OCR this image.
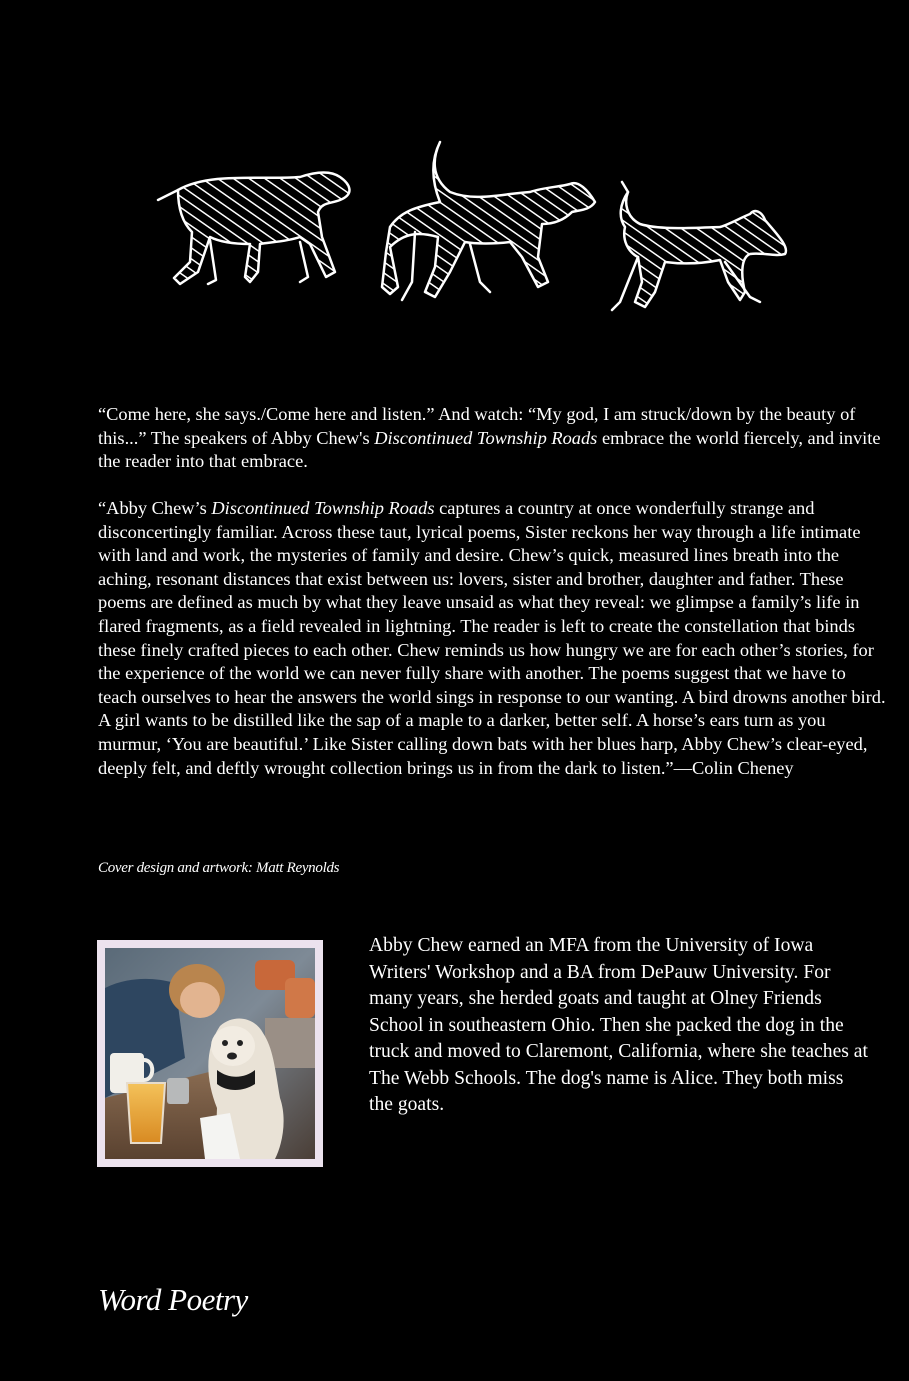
“Come here, she says./Come here and listen.” And watch: “My god, I am struck/down by the beauty of this...” The speakers of Abby Chew's Discontinued Township Roads embrace the world fiercely, and invite the reader into that embrace.

“Abby Chew’s Discontinued Township Roads captures a country at once wonderfully strange and disconcertingly familiar. Across these taut, lyrical poems, Sister reckons her way through a life intimate with land and work, the mysteries of family and desire. Chew’s quick, measured lines breath into the aching, resonant distances that exist between us: lovers, sister and brother, daughter and father. These poems are defined as much by what they leave unsaid as what they reveal: we glimpse a family’s life in flared fragments, as a field revealed in lightning. The reader is left to create the constellation that binds these finely crafted pieces to each other. Chew reminds us how hungry we are for each other’s stories, for the experience of the world we can never fully share with another. The poems suggest that we have to teach ourselves to hear the answers the world sings in response to our wanting. A bird drowns another bird. A girl wants to be distilled like the sap of a maple to a darker, better self. A horse’s ears turn as you murmur, ‘You are beautiful.’ Like Sister calling down bats with her blues harp, Abby Chew’s clear-eyed, deeply felt, and deftly wrought collection brings us in from the dark to listen.”—Colin Cheney

Cover design and artwork: Matt Reynolds

Abby Chew earned an MFA from the University of Iowa Writers' Workshop and a BA from DePauw University. For many years, she herded goats and taught at Olney Friends School in southeastern Ohio. Then she packed the dog in the truck and moved to Claremont, California, where she teaches at The Webb Schools. The dog's name is Alice. They both miss the goats.

Word Poetry
